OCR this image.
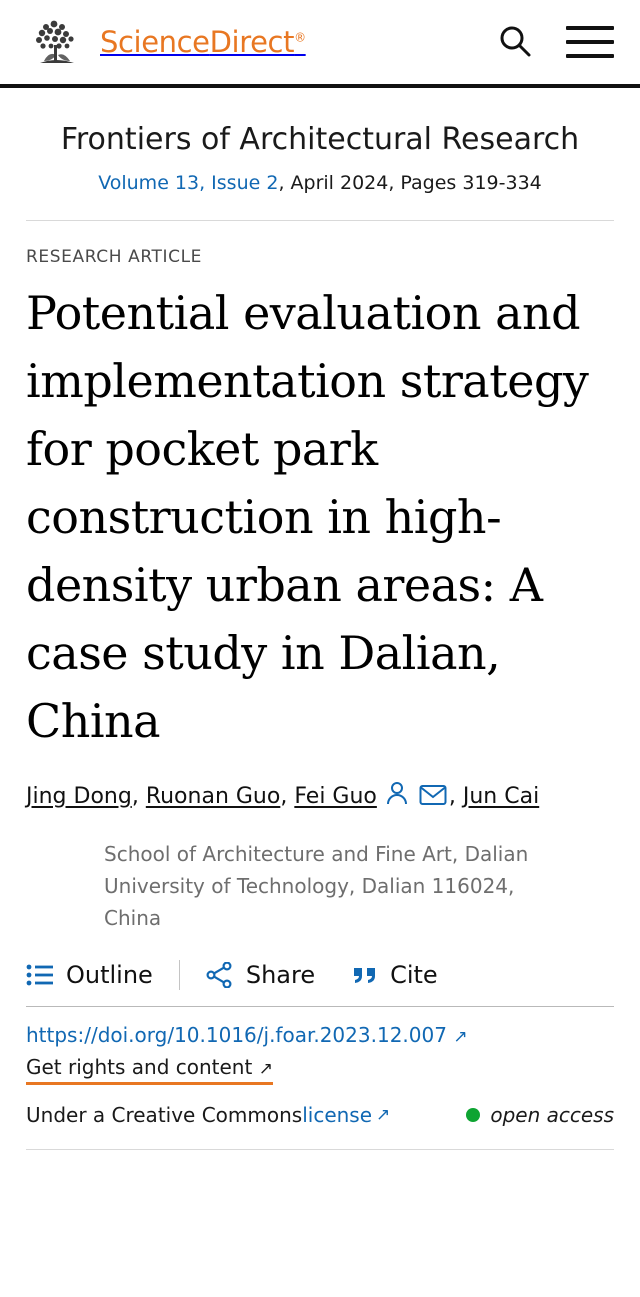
ScienceDirect®
Frontiers of Architectural Research
Volume 13, Issue 2, April 2024, Pages 319-334
RESEARCH ARTICLE
Potential evaluation and implementation strategy for pocket park construction in high-density urban areas: A case study in Dalian, China
Jing Dong, Ruonan Guo, Fei Guo	, Jun Cai
School of Architecture and Fine Art, Dalian University of Technology, Dalian 116024, China
Outline	Share	Cite
https://doi.org/10.1016/j.foar.2023.12.007 ↗
Get rights and content ↗
Under a Creative Commons license ↗	open access
